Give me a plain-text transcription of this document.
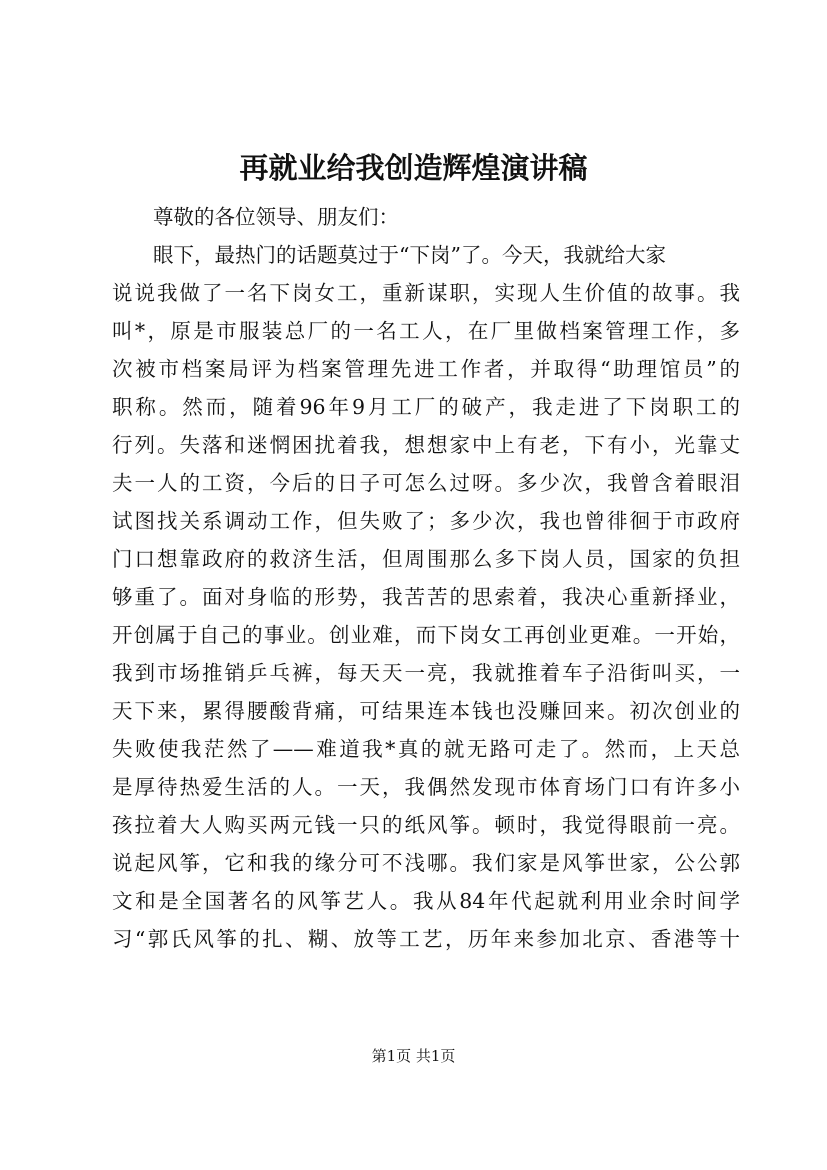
再就业给我创造辉煌演讲稿
尊敬的各位领导、朋友们：
眼下，最热门的话题莫过于“下岗”了。今天，我就给大家
说说我做了一名下岗女工，重新谋职，实现人生价值的故事。我
叫*，原是市服装总厂的一名工人，在厂里做档案管理工作，多
次被市档案局评为档案管理先进工作者，并取得“助理馆员”的
职称。然而，随着96年9月工厂的破产，我走进了下岗职工的
行列。失落和迷惘困扰着我，想想家中上有老，下有小，光靠丈
夫一人的工资，今后的日子可怎么过呀。多少次，我曾含着眼泪
试图找关系调动工作，但失败了；多少次，我也曾徘徊于市政府
门口想靠政府的救济生活，但周围那么多下岗人员，国家的负担
够重了。面对身临的形势，我苦苦的思索着，我决心重新择业，
开创属于自己的事业。创业难，而下岗女工再创业更难。一开始，
我到市场推销乒乓裤，每天天一亮，我就推着车子沿街叫买，一
天下来，累得腰酸背痛，可结果连本钱也没赚回来。初次创业的
失败使我茫然了——难道我*真的就无路可走了。然而，上天总
是厚待热爱生活的人。一天，我偶然发现市体育场门口有许多小
孩拉着大人购买两元钱一只的纸风筝。顿时，我觉得眼前一亮。
说起风筝，它和我的缘分可不浅哪。我们家是风筝世家，公公郭
文和是全国著名的风筝艺人。我从84年代起就利用业余时间学
习“郭氏风筝的扎、糊、放等工艺，历年来参加北京、香港等十
第1页 共1页
